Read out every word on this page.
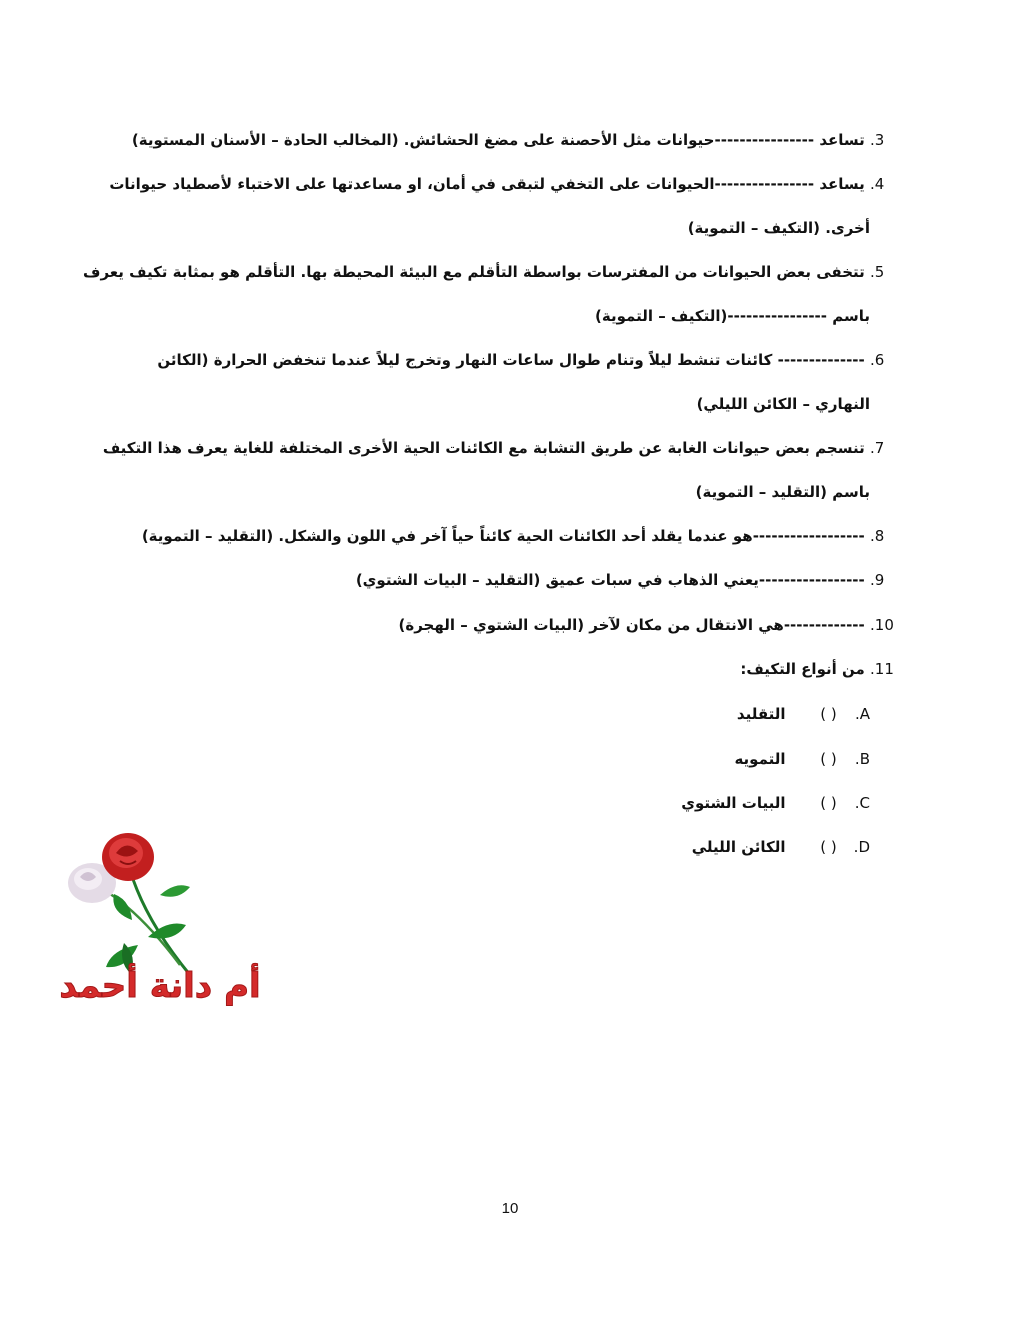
3. تساعد ----------------حيوانات مثل الأحصنة على مضغ الحشائش. (المخالب الحادة – الأسنان المستوية)
4. يساعد ----------------الحيوانات على التخفي لتبقى في أمان، او مساعدتها على الاختباء لأصطياد حيوانات
أخرى. (التكيف – التموية)
5. تتخفى بعض الحيوانات من المفترسات بواسطة التأقلم مع البيئة المحيطة بها. التأقلم هو بمثابة تكيف يعرف
باسم ----------------(التكيف – التموية)
6. -------------- كائنات تنشط ليلاً وتنام طوال ساعات النهار وتخرج ليلاً عندما تنخفض الحرارة (الكائن
النهاري – الكائن الليلي)
7. تنسجم بعض حيوانات الغابة عن طريق التشابة مع الكائنات الحية الأخرى المختلفة للغاية يعرف هذا التكيف
باسم (التقليد – التموية)
8. ------------------هو عندما يقلد أحد الكائنات الحية كائناً حياً آخر في اللون والشكل. (التقليد – التموية)
9. -----------------يعني الذهاب في سبات عميق (التقليد – البيات الشتوي)
10. -------------هي الانتقال من مكان لآخر (البيات الشتوي – الهجرة)
11. من أنواع التكيف:
A. ( ) التقليد
B. ( ) التمويه
C. ( ) البيات الشتوي
D. ( ) الكائن الليلي
أم دانة أحمد
10
